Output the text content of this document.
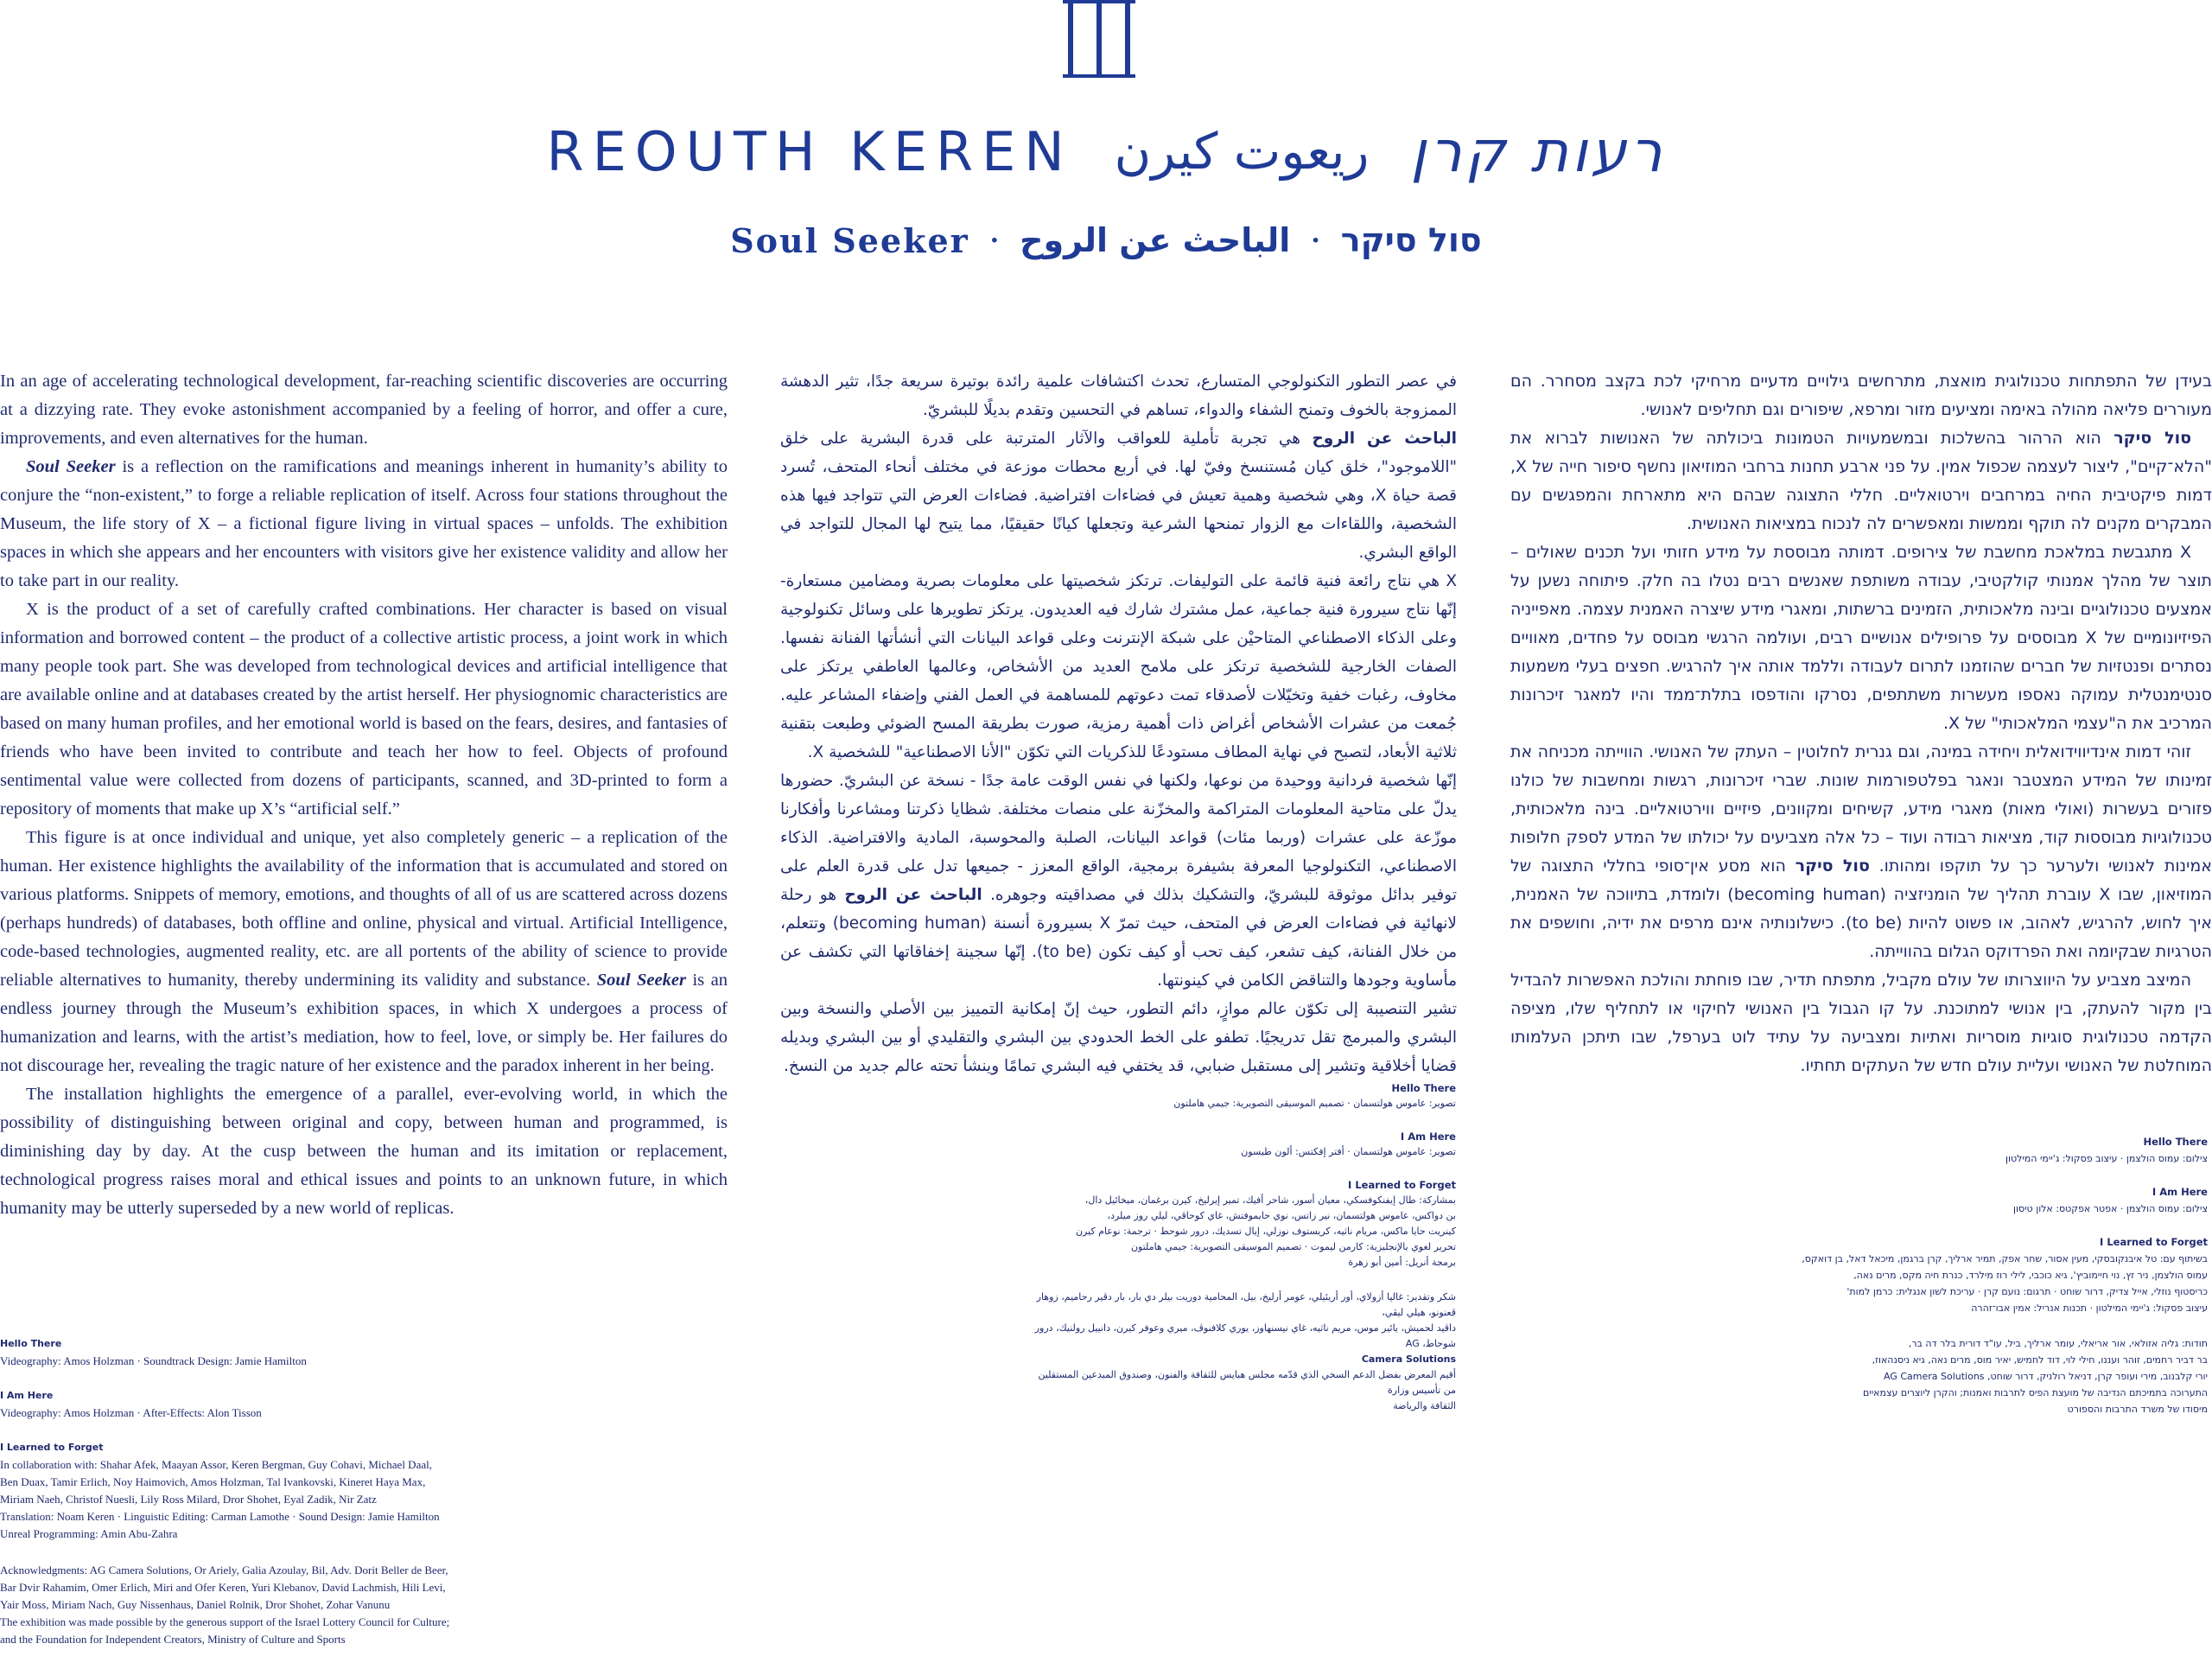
REOUTH KEREN ريعوت كيرن רעות קרן
Soul Seeker · الباحث عن الروح · סול סיקר

In an age of accelerating technological development, far-reaching scientific discoveries are occurring at a dizzying rate. They evoke astonishment accompanied by a feeling of horror, and offer a cure, improvements, and even alternatives for the human.

Soul Seeker is a reflection on the ramifications and meanings inherent in humanity’s ability to conjure the “non-existent,” to forge a reliable replication of itself. Across four stations throughout the Museum, the life story of X – a fictional figure living in virtual spaces – unfolds. The exhibition spaces in which she appears and her encounters with visitors give her existence validity and allow her to take part in our reality.

X is the product of a set of carefully crafted combinations. Her character is based on visual information and borrowed content – the product of a collective artistic process, a joint work in which many people took part. She was developed from technological devices and artificial intelligence that are available online and at databases created by the artist herself. Her physiognomic characteristics are based on many human profiles, and her emotional world is based on the fears, desires, and fantasies of friends who have been invited to contribute and teach her how to feel. Objects of profound sentimental value were collected from dozens of participants, scanned, and 3D-printed to form a repository of moments that make up X’s “artificial self.”

This figure is at once individual and unique, yet also completely generic – a replication of the human. Her existence highlights the availability of the information that is accumulated and stored on various platforms. Snippets of memory, emotions, and thoughts of all of us are scattered across dozens (perhaps hundreds) of databases, both offline and online, physical and virtual. Artificial Intelligence, code-based technologies, augmented reality, etc. are all portents of the ability of science to provide reliable alternatives to humanity, thereby undermining its validity and substance. Soul Seeker is an endless journey through the Museum’s exhibition spaces, in which X undergoes a process of humanization and learns, with the artist’s mediation, how to feel, love, or simply be. Her failures do not discourage her, revealing the tragic nature of her existence and the paradox inherent in her being.

The installation highlights the emergence of a parallel, ever-evolving world, in which the possibility of distinguishing between original and copy, between human and programmed, is diminishing day by day. At the cusp between the human and its imitation or replacement, technological progress raises moral and ethical issues and points to an unknown future, in which humanity may be utterly superseded by a new world of replicas.

في عصر التطور التكنولوجي المتسارع، تحدث اكتشافات علمية رائدة بوتيرة سريعة جدًا، تثير الدهشة الممزوجة بالخوف وتمنح الشفاء والدواء، تساهم في التحسين وتقدم بديلًا للبشريّ.

الباحث عن الروح هي تجربة تأملية للعواقب والآثار المترتبة على قدرة البشرية على خلق "اللاموجود"، خلق كيان مُستنسخ وفيّ لها. في أربع محطات موزعة في مختلف أنحاء المتحف، تُسرد قصة حياة X، وهي شخصية وهمية تعيش في فضاءات افتراضية. فضاءات العرض التي تتواجد فيها هذه الشخصية، واللقاءات مع الزوار تمنحها الشرعية وتجعلها كيانًا حقيقيًا، مما يتيح لها المجال للتواجد في الواقع البشري.

X هي نتاج رائعة فنية قائمة على التوليفات. ترتكز شخصيتها على معلومات بصرية ومضامين مستعارة- إنّها نتاج سيرورة فنية جماعية، عمل مشترك شارك فيه العديدون. يرتكز تطويرها على وسائل تكنولوجية وعلى الذكاء الاصطناعي المتاحيْن على شبكة الإنترنت وعلى قواعد البيانات التي أنشأتها الفنانة نفسها. الصفات الخارجية للشخصية ترتكز على ملامح العديد من الأشخاص، وعالمها العاطفي يرتكز على مخاوف، رغبات خفية وتخيّلات لأصدقاء تمت دعوتهم للمساهمة في العمل الفني وإضفاء المشاعر عليه. جُمعت من عشرات الأشخاص أغراض ذات أهمية رمزية، صورت بطريقة المسح الضوئي وطبعت بتقنية ثلاثية الأبعاد، لتصبح في نهاية المطاف مستودعًا للذكريات التي تكوّن "الأنا الاصطناعية" للشخصية X.

إنّها شخصية فردانية ووحيدة من نوعها، ولكنها في نفس الوقت عامة جدًا - نسخة عن البشريّ. حضورها يدلّ على متاحية المعلومات المتراكمة والمخزّنة على منصات مختلفة. شظايا ذكرتنا ومشاعرنا وأفكارنا موزّعة على عشرات (وربما مئات) قواعد البيانات، الصلبة والمحوسبة، المادية والافتراضية. الذكاء الاصطناعي، التكنولوجيا المعرفة بشيفرة برمجية، الواقع المعزز - جميعها تدل على قدرة العلم على توفير بدائل موثوقة للبشريّ، والتشكيك بذلك في مصداقيته وجوهره. الباحث عن الروح هو رحلة لانهائية في فضاءات العرض في المتحف، حيث تمرّ X بسيرورة أنسنة (becoming human) وتتعلم، من خلال الفنانة، كيف تشعر، كيف تحب أو كيف تكون (to be). إنّها سجينة إخفاقاتها التي تكشف عن مأساوية وجودها والتناقض الكامن في كينونتها.

تشير التنصيبة إلى تكوّن عالم موازٍ، دائم التطور، حيث إنّ إمكانية التمييز بين الأصلي والنسخة وبين البشري والمبرمج تقل تدريجيًا. تطفو على الخط الحدودي بين البشري والتقليدي أو بين البشري وبديله قضايا أخلاقية وتشير إلى مستقبل ضبابي، قد يختفي فيه البشري تمامًا وينشأ تحته عالم جديد من النسخ.

בעידן של התפתחות טכנולוגית מואצת, מתרחשים גילויים מדעיים מרחיקי לכת בקצב מסחרר. הם מעוררים פליאה מהולה באימה ומציעים מזור ומרפא, שיפורים וגם תחליפים לאנושי.

סול סיקר הוא הרהור בהשלכות ובמשמעויות הטמונות ביכולתה של האנושות לברוא את "הלא־קיים", ליצור לעצמה שכפול אמין. על פני ארבע תחנות ברחבי המוזיאון נחשף סיפור חייה של X, דמות פיקטיבית החיה במרחבים וירטואליים. חללי התצוגה שבהם היא מתארחת והמפגשים עם המבקרים מקנים לה תוקף וממשות ומאפשרים לה לנכוח במציאות האנושית.

X מתגבשת במלאכת מחשבת של צירופים. דמותה מבוססת על מידע חזותי ועל תכנים שאולים – תוצר של מהלך אמנותי קולקטיבי, עבודה משותפת שאנשים רבים נטלו בה חלק. פיתוחה נשען על אמצעים טכנולוגיים ובינה מלאכותית, הזמינים ברשתות, ומאגרי מידע שיצרה האמנית עצמה. מאפייניה הפיזיונומיים של X מבוססים על פרופילים אנושיים רבים, ועולמה הרגשי מבוסס על פחדים, מאוויים נסתרים ופנטזיות של חברים שהוזמנו לתרום לעבודה וללמד אותה איך להרגיש. חפצים בעלי משמעות סנטימנטלית עמוקה נאספו מעשרות משתתפים, נסרקו והודפסו בתלת־ממד והיו למאגר זיכרונות המרכיב את ה"עצמי המלאכותי" של X.

זוהי דמות אינדיווידואלית ויחידה במינה, וגם גנרית לחלוטין – העתק של האנושי. הווייתה מכניחה את זמינותו של המידע המצטבר ונאגר בפלטפורמות שונות. שברי זיכרונות, רגשות ומחשבות של כולנו פזורים בעשרות (ואולי מאות) מאגרי מידע, קשיחים ומקוונים, פיזיים ווירטואליים. בינה מלאכותית, טכנולוגיות מבוססות קוד, מציאות רבודה ועוד – כל אלה מצביעים על יכולתו של המדע לספק חלופות אמינות לאנושי ולערער כך על תוקפו ומהותו. סול סיקר הוא מסע אין־סופי בחללי התצוגה של המוזיאון, שבו X עוברת תהליך של הומניזציה (becoming human) ולומדת, בתיווכה של האמנית, איך לחוש, להרגיש, לאהוב, או פשוט להיות (to be). כישלונותיה אינם מרפים את ידיה, וחושפים את הטרגיות שבקיומה ואת הפרדוקס הגלום בהווייתה.

המיצב מצביע על היווצרותו של עולם מקביל, מתפתח תדיר, שבו פוחתת והולכת האפשרות להבדיל בין מקור להעתק, בין אנושי למתוכנת. על קו הגבול בין האנושי לחיקוי או לתחליף שלו, מציפה הקדמה טכנולוגית סוגיות מוסריות ואתיות ומצביעה על עתיד לוט בערפל, שבו תיתכן העלמותו המוחלטת של האנושי ועליית עולם חדש של העתקים תחתיו.

Hello There
Videography: Amos Holzman · Soundtrack Design: Jamie Hamilton
I Am Here
Videography: Amos Holzman · After-Effects: Alon Tisson
I Learned to Forget
In collaboration with: Shahar Afek, Maayan Assor, Keren Bergman, Guy Cohavi, Michael Daal,
Ben Duax, Tamir Erlich, Noy Haimovich, Amos Holzman, Tal Ivankovski, Kineret Haya Max,
Miriam Naeh, Christof Nuesli, Lily Ross Milard, Dror Shohet, Eyal Zadik, Nir Zatz
Translation: Noam Keren · Linguistic Editing: Carman Lamothe · Sound Design: Jamie Hamilton
Unreal Programming: Amin Abu-Zahra
Acknowledgments: AG Camera Solutions, Or Ariely, Galia Azoulay, Bil, Adv. Dorit Beller de Beer,
Bar Dvir Rahamim, Omer Erlich, Miri and Ofer Keren, Yuri Klebanov, David Lachmish, Hili Levi,
Yair Moss, Miriam Nach, Guy Nissenhaus, Daniel Rolnik, Dror Shohet, Zohar Vanunu
The exhibition was made possible by the generous support of the Israel Lottery Council for Culture;
and the Foundation for Independent Creators, Ministry of Culture and Sports
Hello There
تصوير: عاموس هولتسمان · تصميم الموسيقى التصويرية: جيمي هاملتون
I Am Here
تصوير: عاموس هولتسمان · أفتر إفكتس: ألون طيسون
I Learned to Forget
بمشاركة: طال إيفنكوفسكي، معيان أسور، شاحر أفيك، تمير إيرليخ، كيرن برغمان، ميخائيل دال،
بن دواكس، عاموس هولتسمان، نير زاتس، نوي حايموفتش، غاي كوحاڤي، ليلي روز ميلرد،
كينريت حايا ماكس، مريام ناثيه، كريستوف نوزلي، إيال تسديك، درور شوحط · ترجمة: نوعام كيرن
تحرير لغوي بالإنجليزية: كارمن ليموت · تصميم الموسيقى التصويرية: جيمي هاملتون
برمجة أنريل: أمين أبو زهرة
شكر وتقدير: غاليا أزولاي، أور أريئيلي، عومر أرليخ، بيل، المحامية دوريت بيلر دي بار، بار دڤير رحاميم، زوهار ڤعنونو، هيلي ليڤي،
داڤيد لحميش، يائير موس، مريم ناثيه، غاي نيسنهاوز، يوري كلافنوڤ، ميري وعوفر كيرن، دانييل رولنيك، درور شوحاط، AG
Camera Solutions
أقيم المعرض بفضل الدعم السخي الذي قدّمه مجلس هبايس للثقافة والفنون، وصندوق المبدعين المستقلين من تأسيس وزارة
الثقافة والرياضة
Hello There
צילום: עמוס הולצמן · עיצוב פסקול: ג'יימי המילטון
I Am Here
צילום: עמוס הולצמן · אפטר אפקטס: אלון טיסון
I Learned to Forget
בשיתוף עם: טל איבנקובסקי, מעין אסור, שחר אפק, תמיר ארליך, קרן ברגמן, מיכאל דאל, בן דואקס,
עמוס הולצמן, ניר זץ, נוי חיימוביץ', גיא כוכבי, לילי רוז מילרד, כנרת חיה מקס, מרים נאה,
כריסטוף נוזלי, אייל צדיק, דרור שוחט · תרגום: נועם קרן · עריכת לשון אנגלית: כרמן למות'
עיצוב פסקול: ג'יימי המילטון · תכנות אנריל: אמין אבו־זהרה
תודות: גליה אזולאי, אור אריאלי, עומר ארליך, ביל, עו"ד דורית בלר דה בר,
בר דביר רחמים, זוהר ועננו, חילי לוי, דוד לחמיש, יאיר מוס, מרים נאה, גיא ניסנהאוז,
יורי קלבנוב, מירי ועופר קרן, דניאל רולניק, דרור שוחט, AG Camera Solutions
התערוכה בתמיכתם הנדיבה של מועצת הפיס לתרבות ואמנות; והקרן ליוצרים עצמאיים
מיסודו של משרד התרבות והספורט
